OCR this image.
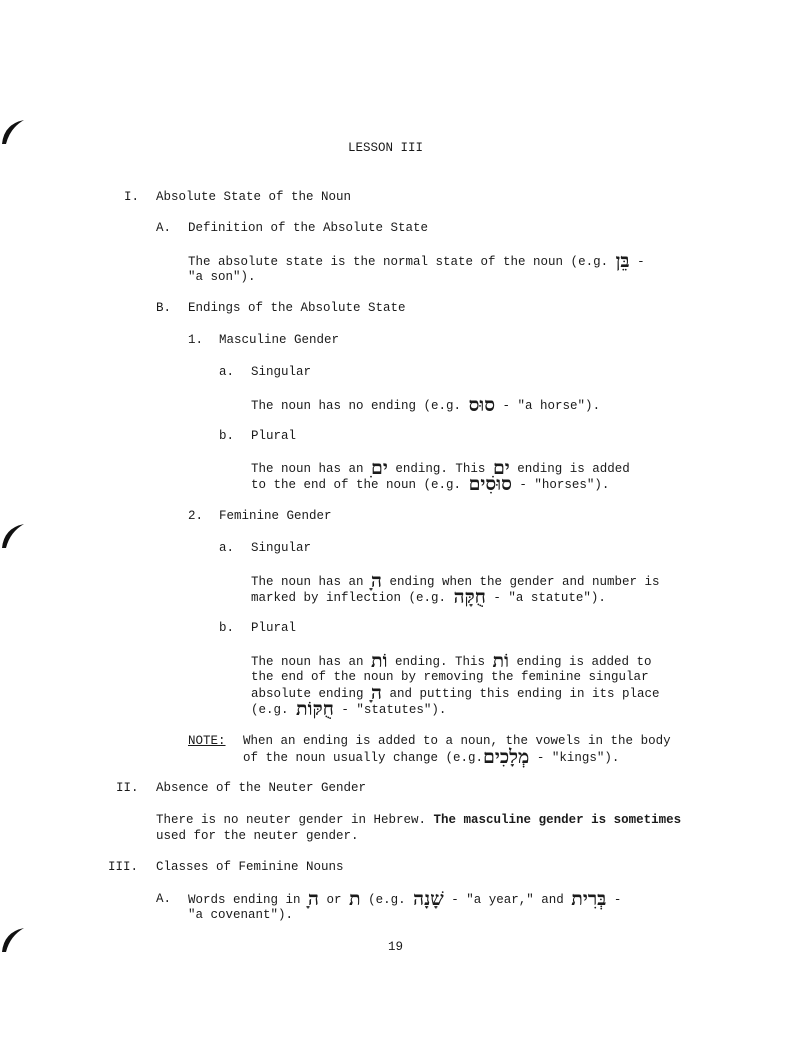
LESSON III
I. Absolute State of the Noun
A. Definition of the Absolute State
The absolute state is the normal state of the noun (e.g. בֵּן -
"a son").
B. Endings of the Absolute State
1. Masculine Gender
a. Singular
The noun has no ending (e.g. סוּס - "a horse").
b. Plural
The noun has an ִים ending. This ִים ending is added
to the end of the noun (e.g. סוּסִים - "horses").
2. Feminine Gender
a. Singular
The noun has an ָה ending when the gender and number is
marked by inflection (e.g. חֻקָּה - "a statute").
b. Plural
The noun has an וֹת ending. This וֹת ending is added to
the end of the noun by removing the feminine singular
absolute ending ָה and putting this ending in its place
(e.g. חֻקּוֹת - "statutes").
NOTE: When an ending is added to a noun, the vowels in the body
of the noun usually change (e.g.מְלָכִים - "kings").
II. Absence of the Neuter Gender
There is no neuter gender in Hebrew. The masculine gender is sometimes
used for the neuter gender.
III. Classes of Feminine Nouns
A. Words ending in ָה or ת (e.g. שָׁנָה - "a year," and בְּרִית -
"a covenant").
19
